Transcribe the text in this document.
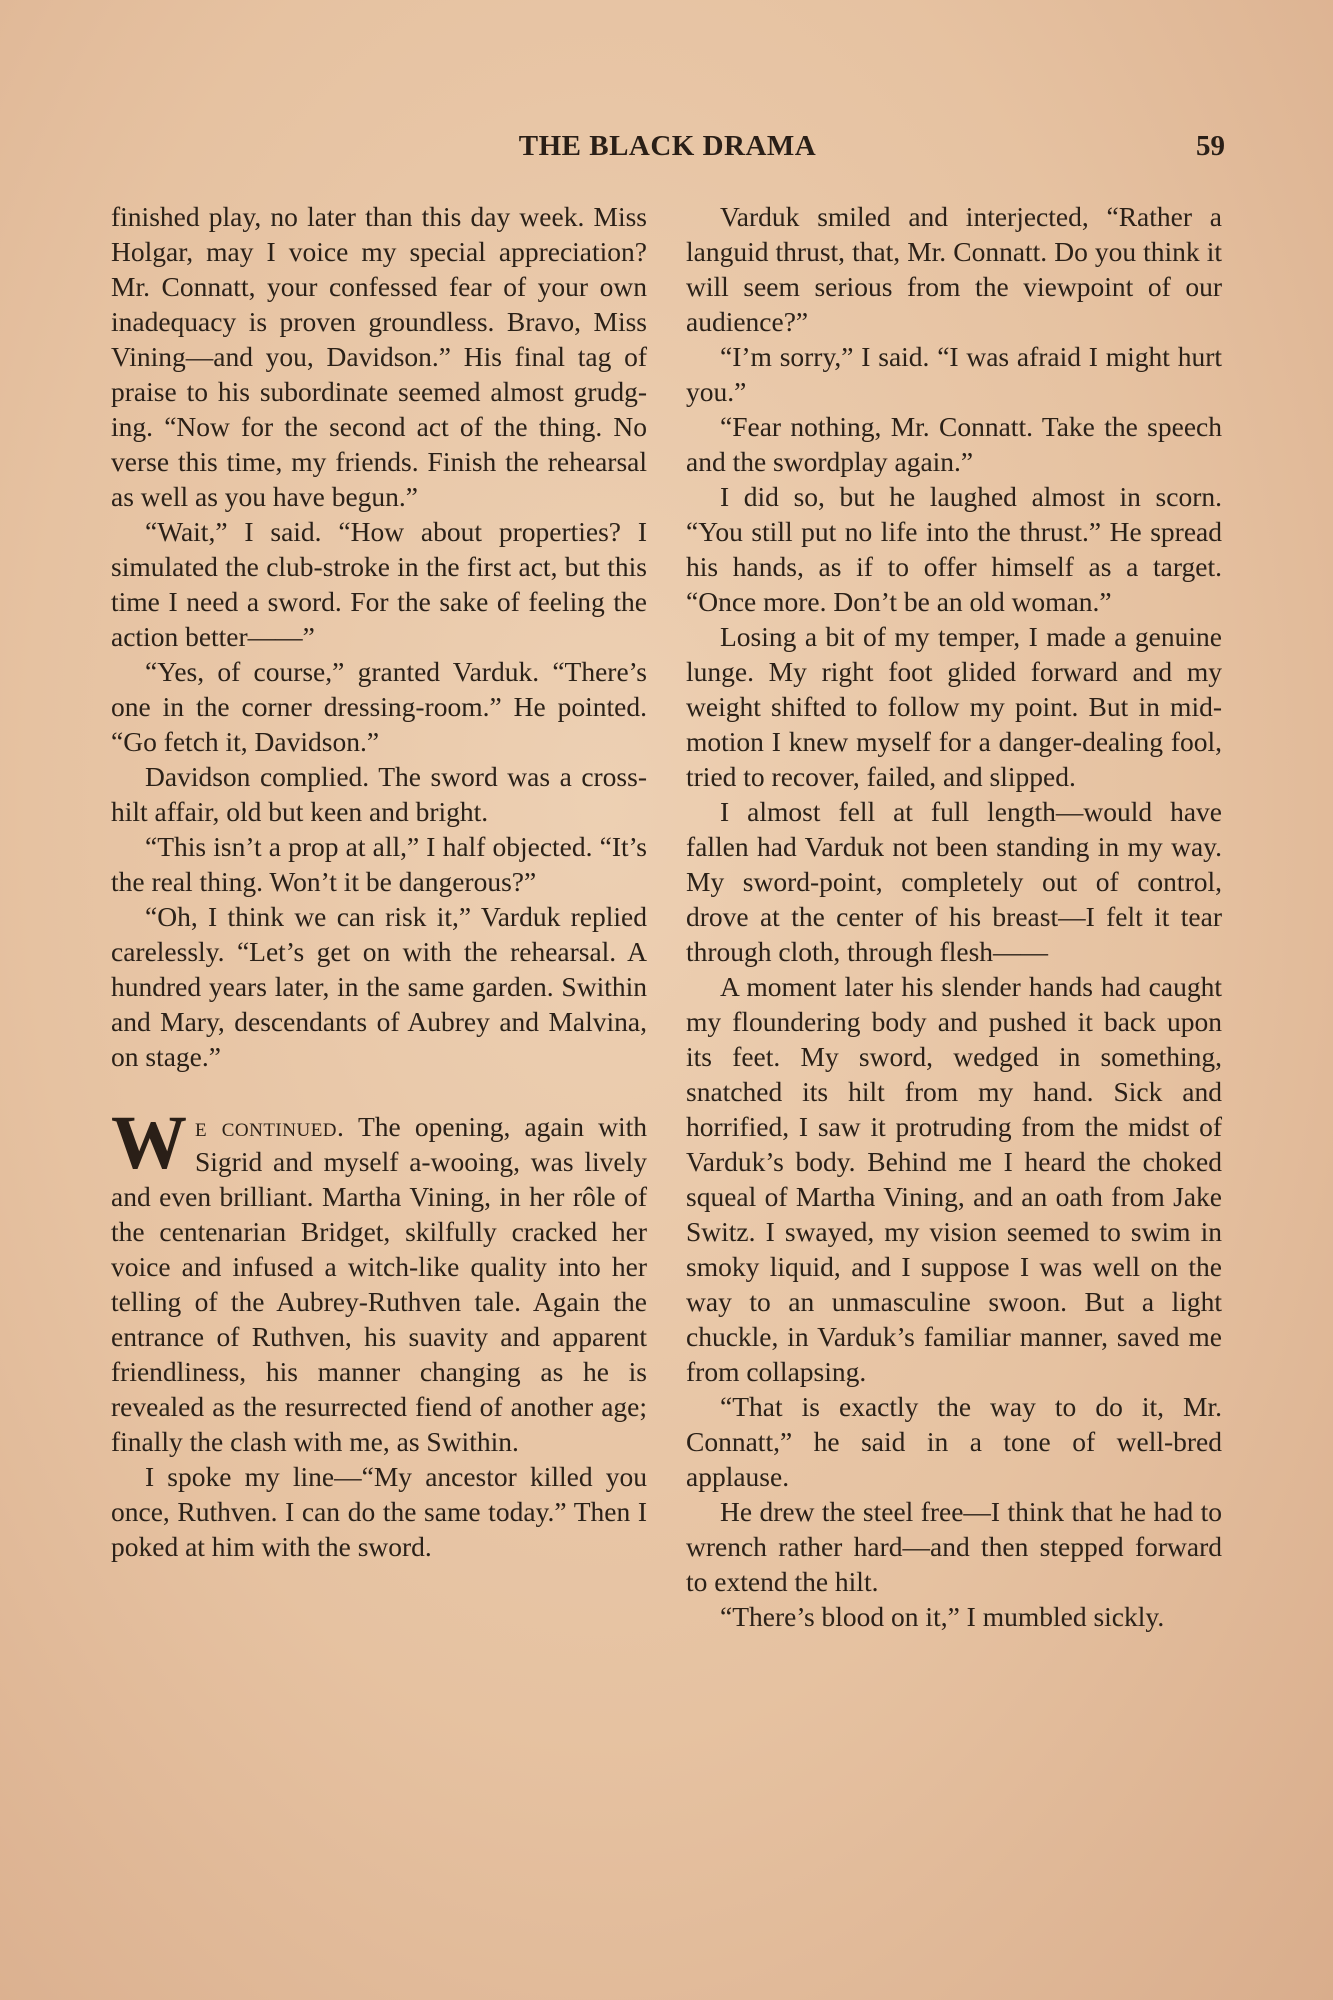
THE BLACK DRAMA	59

finished play, no later than this day week. Miss Holgar, may I voice my special appreciation? Mr. Connatt, your confessed fear of your own inadequacy is proven groundless. Bravo, Miss Vining—and you, Davidson.” His final tag of praise to his subordinate seemed almost grudging. “Now for the second act of the thing. No verse this time, my friends. Finish the rehearsal as well as you have begun.”

“Wait,” I said. “How about properties? I simulated the club-stroke in the first act, but this time I need a sword. For the sake of feeling the action better——”

“Yes, of course,” granted Varduk. “There’s one in the corner dressing-room.” He pointed. “Go fetch it, Davidson.”

Davidson complied. The sword was a cross-hilt affair, old but keen and bright.

“This isn’t a prop at all,” I half objected. “It’s the real thing. Won’t it be dangerous?”

“Oh, I think we can risk it,” Varduk replied carelessly. “Let’s get on with the rehearsal. A hundred years later, in the same garden. Swithin and Mary, descendants of Aubrey and Malvina, on stage.”

We continued. The opening, again with Sigrid and myself a-wooing, was lively and even brilliant. Martha Vining, in her rôle of the centenarian Bridget, skilfully cracked her voice and infused a witch-like quality into her telling of the Aubrey-Ruthven tale. Again the entrance of Ruthven, his suavity and apparent friendliness, his manner changing as he is revealed as the resurrected fiend of another age; finally the clash with me, as Swithin.

I spoke my line—“My ancestor killed you once, Ruthven. I can do the same today.” Then I poked at him with the sword.

Varduk smiled and interjected, “Rather a languid thrust, that, Mr. Connatt. Do you think it will seem serious from the viewpoint of our audience?”

“I’m sorry,” I said. “I was afraid I might hurt you.”

“Fear nothing, Mr. Connatt. Take the speech and the swordplay again.”

I did so, but he laughed almost in scorn. “You still put no life into the thrust.” He spread his hands, as if to offer himself as a target. “Once more. Don’t be an old woman.”

Losing a bit of my temper, I made a genuine lunge. My right foot glided forward and my weight shifted to follow my point. But in mid-motion I knew myself for a danger-dealing fool, tried to recover, failed, and slipped.

I almost fell at full length—would have fallen had Varduk not been standing in my way. My sword-point, completely out of control, drove at the center of his breast—I felt it tear through cloth, through flesh——

A moment later his slender hands had caught my floundering body and pushed it back upon its feet. My sword, wedged in something, snatched its hilt from my hand. Sick and horrified, I saw it protruding from the midst of Varduk’s body. Behind me I heard the choked squeal of Martha Vining, and an oath from Jake Switz. I swayed, my vision seemed to swim in smoky liquid, and I suppose I was well on the way to an unmasculine swoon. But a light chuckle, in Varduk’s familiar manner, saved me from collapsing.

“That is exactly the way to do it, Mr. Connatt,” he said in a tone of well-bred applause.

He drew the steel free—I think that he had to wrench rather hard—and then stepped forward to extend the hilt.

“There’s blood on it,” I mumbled sickly.
